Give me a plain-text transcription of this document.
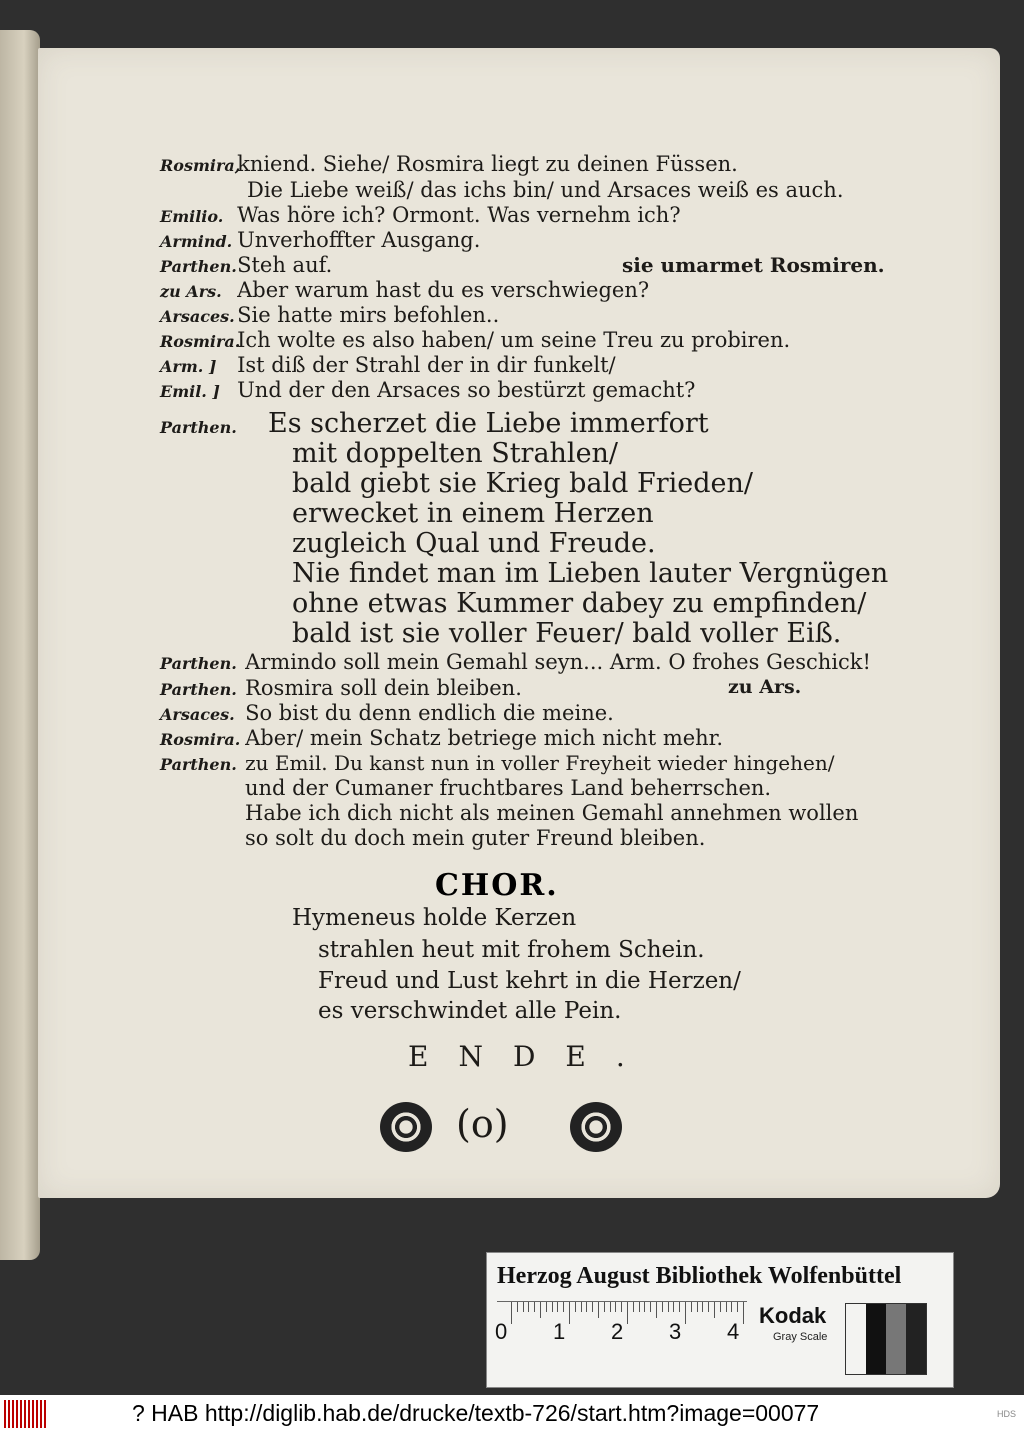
Rosmira, kniend. Siehe/ Rosmira liegt zu deinen Füssen.
Die Liebe weiß/ das ichs bin/ und Arsaces weiß es auch.
Emilio. Was höre ich? Ormont. Was vernehm ich?
Armind. Unverhoffter Ausgang.
Parthen. Steh auf.	sie umarmet Rosmiren.
zu Ars. Aber warum hast du es verschwiegen?
Arsaces. Sie hatte mirs befohlen..
Rosmira. Ich wolte es also haben/ um seine Treu zu probiren.
Arm. ] Ist diß der Strahl der in dir funkelt/
Emil. ] Und der den Arsaces so bestürzt gemacht?
Parthen. Es scherzet die Liebe immerfort
mit doppelten Strahlen/
bald giebt sie Krieg bald Frieden/
erwecket in einem Herzen
zugleich Qual und Freude.
Nie findet man im Lieben lauter Vergnügen
ohne etwas Kummer dabey zu empfinden/
bald ist sie voller Feuer/ bald voller Eiß.
Parthen. Armindo soll mein Gemahl seyn... Arm. O frohes Geschick!
Parthen. Rosmira soll dein bleiben.	zu Ars.
Arsaces. So bist du denn endlich die meine.
Rosmira. Aber/ mein Schatz betriege mich nicht mehr.
Parthen. zu Emil. Du kanst nun in voller Freyheit wieder hingehen/
und der Cumaner fruchtbares Land beherrschen.
Habe ich dich nicht als meinen Gemahl annehmen wollen
so solt du doch mein guter Freund bleiben.
CHOR.
Hymeneus holde Kerzen
strahlen heut mit frohem Schein.
Freud und Lust kehrt in die Herzen/
es verschwindet alle Pein.
ENDE.
(o)
Herzog August Bibliothek Wolfenbüttel
0 1 2 3 4
Kodak
Gray Scale
? HAB http://diglib.hab.de/drucke/textb-726/start.htm?image=00077	HDS
